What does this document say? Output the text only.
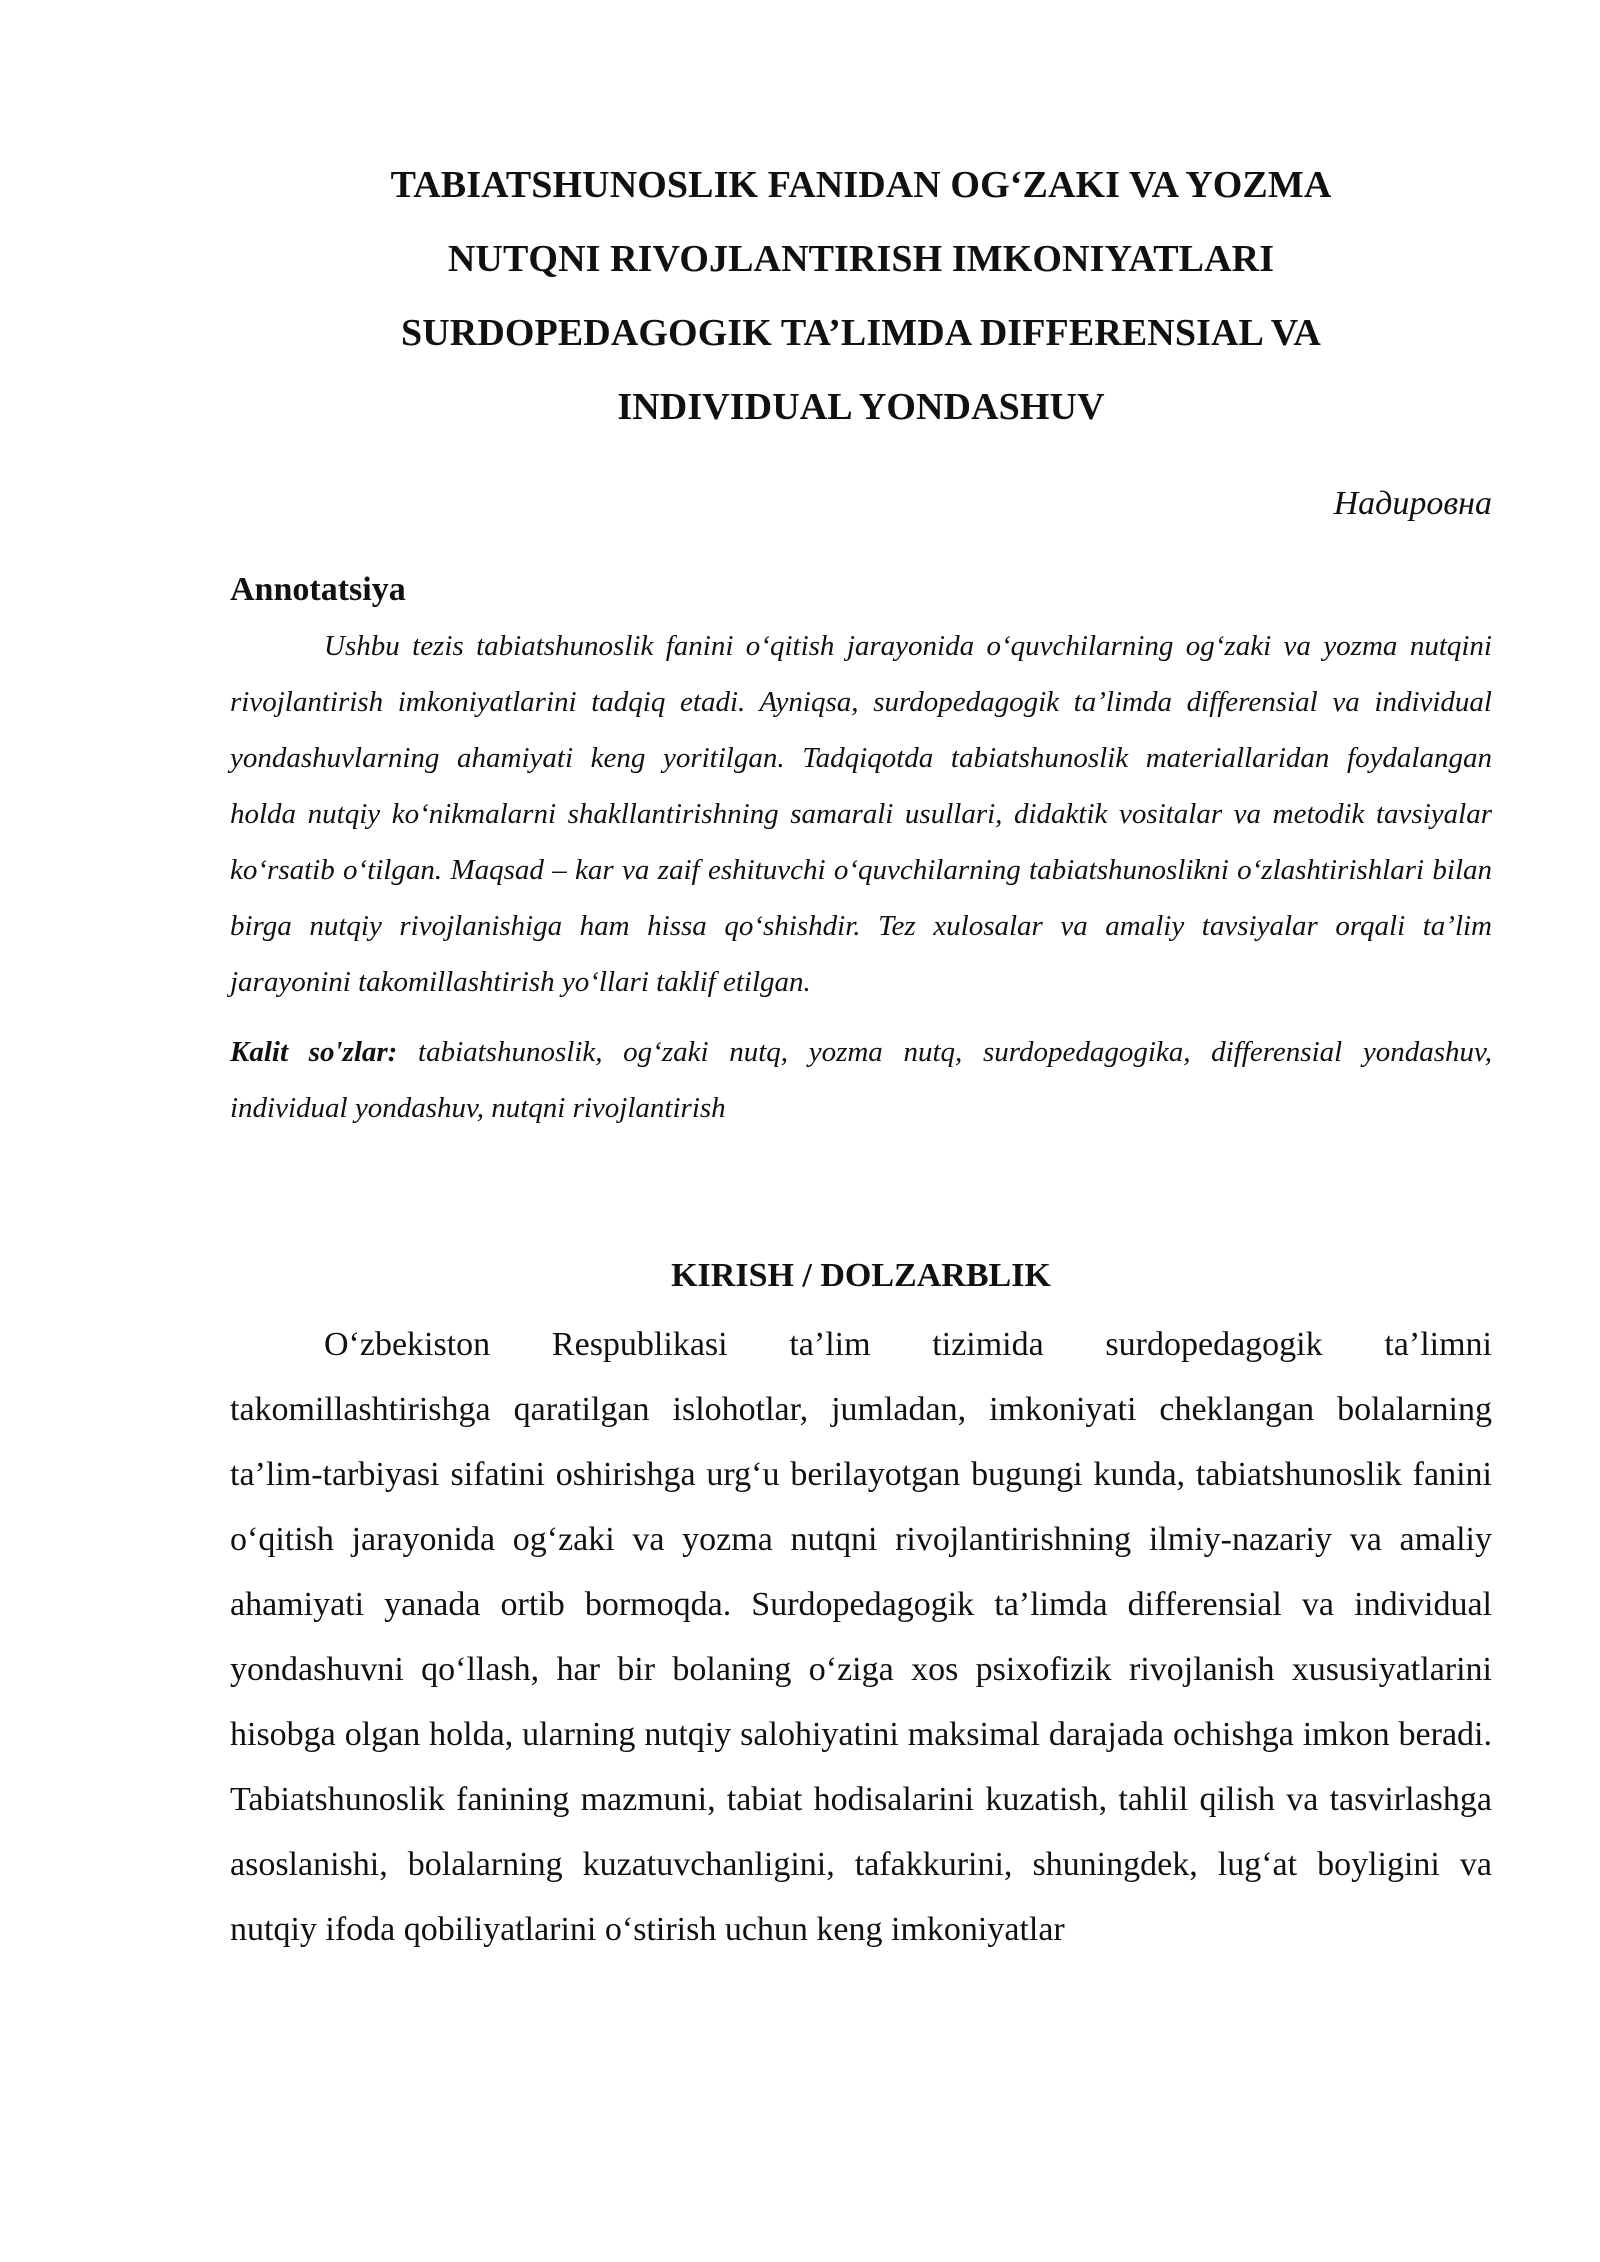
TABIATSHUNOSLIK FANIDAN OG‘ZAKI VA YOZMA
NUTQNI RIVOJLANTIRISH IMKONIYATLARI
SURDOPEDAGOGIK TA’LIMDA DIFFERENSIAL VA
INDIVIDUAL YONDASHUV
Надировна
Annotatsiya

Ushbu tezis tabiatshunoslik fanini o‘qitish jarayonida o‘quvchilarning og‘zaki va yozma nutqini rivojlantirish imkoniyatlarini tadqiq etadi. Ayniqsa, surdopedagogik ta’limda differensial va individual yondashuvlarning ahamiyati keng yoritilgan. Tadqiqotda tabiatshunoslik materiallaridan foydalangan holda nutqiy ko‘nikmalarni shakllantirishning samarali usullari, didaktik vositalar va metodik tavsiyalar ko‘rsatib o‘tilgan. Maqsad – kar va zaif eshituvchi o‘quvchilarning tabiatshunoslikni o‘zlashtirishlari bilan birga nutqiy rivojlanishiga ham hissa qo‘shishdir. Tez xulosalar va amaliy tavsiyalar orqali ta’lim jarayonini takomillashtirish yo‘llari taklif etilgan.

Kalit so'zlar: tabiatshunoslik, og‘zaki nutq, yozma nutq, surdopedagogika, differensial yondashuv, individual yondashuv, nutqni rivojlantirish
KIRISH / DOLZARBLIK

O‘zbekiston Respublikasi ta’lim tizimida surdopedagogik ta’limni takomillashtirishga qaratilgan islohotlar, jumladan, imkoniyati cheklangan bolalarning ta’lim-tarbiyasi sifatini oshirishga urg‘u berilayotgan bugungi kunda, tabiatshunoslik fanini o‘qitish jarayonida og‘zaki va yozma nutqni rivojlantirishning ilmiy-nazariy va amaliy ahamiyati yanada ortib bormoqda. Surdopedagogik ta’limda differensial va individual yondashuvni qo‘llash, har bir bolaning o‘ziga xos psixofizik rivojlanish xususiyatlarini hisobga olgan holda, ularning nutqiy salohiyatini maksimal darajada ochishga imkon beradi. Tabiatshunoslik fanining mazmuni, tabiat hodisalarini kuzatish, tahlil qilish va tasvirlashga asoslanishi, bolalarning kuzatuvchanligini, tafakkurini, shuningdek, lug‘at boyligini va nutqiy ifoda qobiliyatlarini o‘stirish uchun keng imkoniyatlar
